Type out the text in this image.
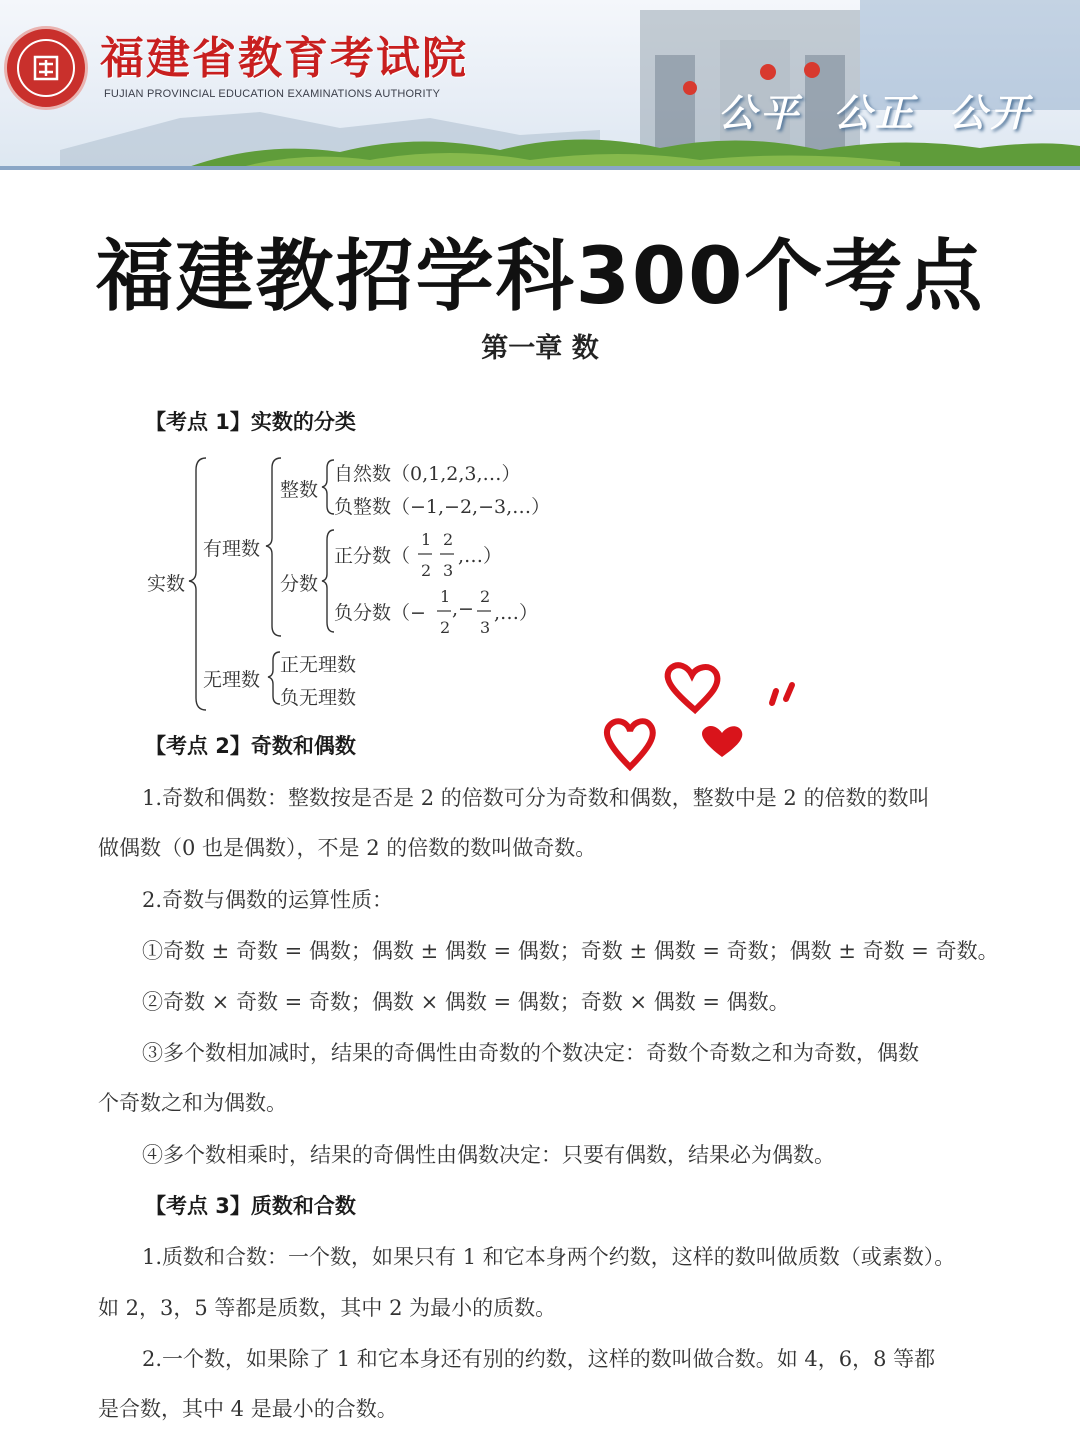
福建省教育考试院
FUJIAN PROVINCIAL EDUCATION EXAMINATIONS AUTHORITY	公平 公正 公开
福建教招学科300个考点
第一章 数
【考点 1】实数的分类
实数
有理数
整数
自然数（0,1,2,3,…）
负整数（−1,−2,−3,…）
分数
正分数（
1
2
2
3
,…）
负分数（−
1
2
,−
2
3
,…）
无理数
正无理数
负无理数
【考点 2】奇数和偶数
1.奇数和偶数：整数按是否是 2 的倍数可分为奇数和偶数，整数中是 2 的倍数的数叫
做偶数（0 也是偶数），不是 2 的倍数的数叫做奇数。
2.奇数与偶数的运算性质：
①奇数 ± 奇数 = 偶数；偶数 ± 偶数 = 偶数；奇数 ± 偶数 = 奇数；偶数 ± 奇数 = 奇数。
②奇数 × 奇数 = 奇数；偶数 × 偶数 = 偶数；奇数 × 偶数 = 偶数。
③多个数相加减时，结果的奇偶性由奇数的个数决定：奇数个奇数之和为奇数，偶数
个奇数之和为偶数。
④多个数相乘时，结果的奇偶性由偶数决定：只要有偶数，结果必为偶数。
【考点 3】质数和合数
1.质数和合数：一个数，如果只有 1 和它本身两个约数，这样的数叫做质数（或素数）。
如 2，3，5 等都是质数，其中 2 为最小的质数。
2.一个数，如果除了 1 和它本身还有别的约数，这样的数叫做合数。如 4，6，8 等都
是合数，其中 4 是最小的合数。
